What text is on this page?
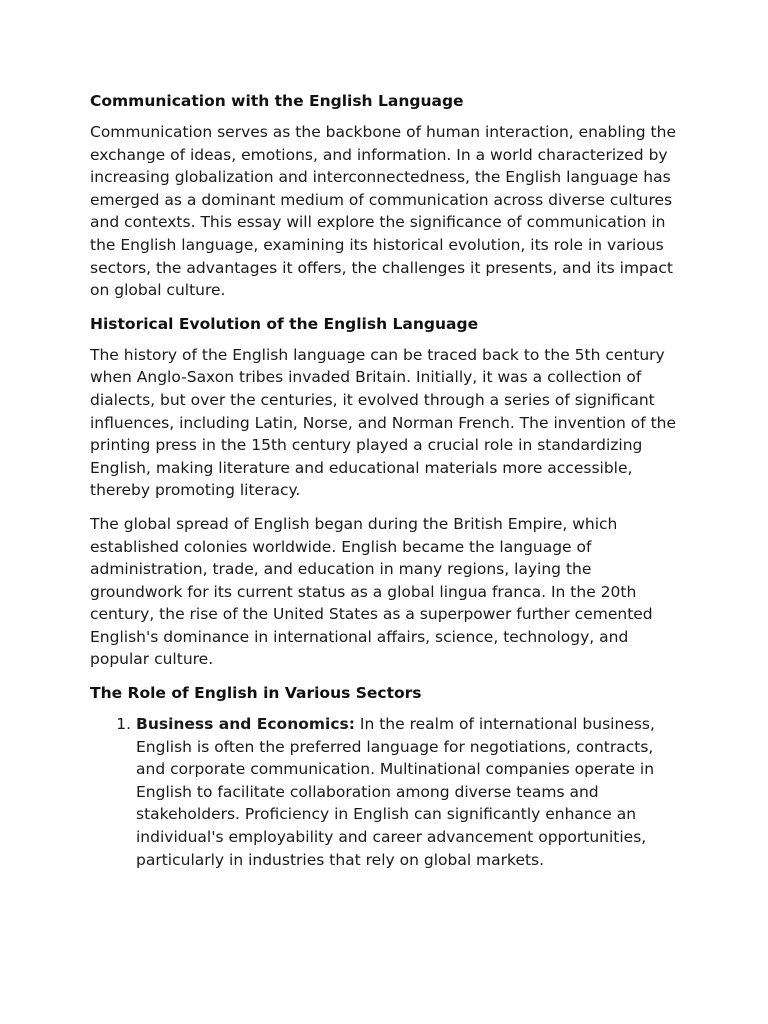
Communication with the English Language

Communication serves as the backbone of human interaction, enabling the exchange of ideas, emotions, and information. In a world characterized by increasing globalization and interconnectedness, the English language has emerged as a dominant medium of communication across diverse cultures and contexts. This essay will explore the significance of communication in the English language, examining its historical evolution, its role in various sectors, the advantages it offers, the challenges it presents, and its impact on global culture.

Historical Evolution of the English Language

The history of the English language can be traced back to the 5th century when Anglo-Saxon tribes invaded Britain. Initially, it was a collection of dialects, but over the centuries, it evolved through a series of significant influences, including Latin, Norse, and Norman French. The invention of the printing press in the 15th century played a crucial role in standardizing English, making literature and educational materials more accessible, thereby promoting literacy.

The global spread of English began during the British Empire, which established colonies worldwide. English became the language of administration, trade, and education in many regions, laying the groundwork for its current status as a global lingua franca. In the 20th century, the rise of the United States as a superpower further cemented English's dominance in international affairs, science, technology, and popular culture.

The Role of English in Various Sectors
1. Business and Economics: In the realm of international business, English is often the preferred language for negotiations, contracts, and corporate communication. Multinational companies operate in English to facilitate collaboration among diverse teams and stakeholders. Proficiency in English can significantly enhance an individual's employability and career advancement opportunities, particularly in industries that rely on global markets.
